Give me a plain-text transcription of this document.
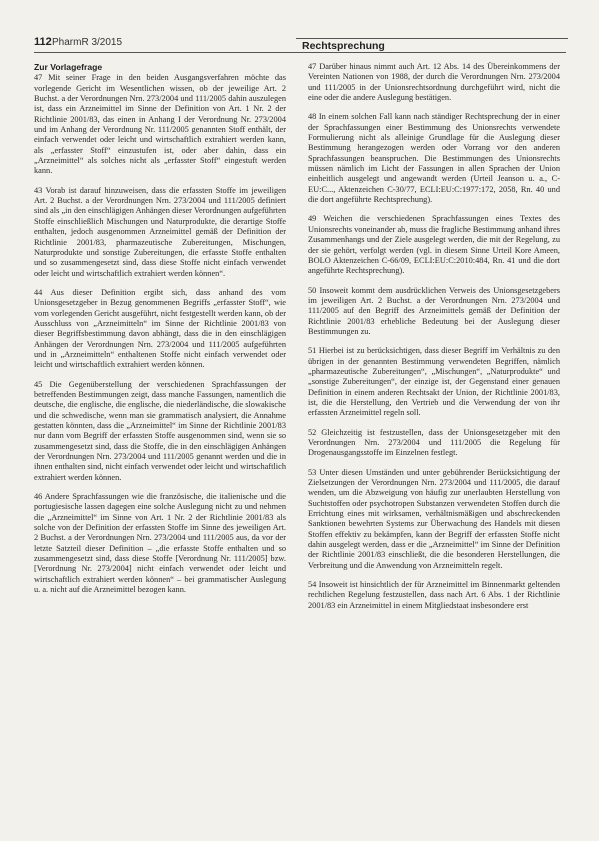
112 PharmR 3/2015	Rechtsprechung
Zur Vorlagefrage

47 Mit seiner Frage in den beiden Ausgangsverfahren möchte das vorlegende Gericht im Wesentlichen wissen, ob der jeweilige Art. 2 Buchst. a der Verordnungen Nrn. 273/2004 und 111/2005 dahin auszulegen ist, dass ein Arzneimittel im Sinne der Definition von Art. 1 Nr. 2 der Richtlinie 2001/83, das einen in Anhang I der Verordnung Nr. 273/2004 und im Anhang der Verordnung Nr. 111/2005 genannten Stoff enthält, der einfach verwendet oder leicht und wirtschaftlich extrahiert werden kann, als „erfasster Stoff“ einzustufen ist, oder aber dahin, dass ein „Arzneimittel“ als solches nicht als „erfasster Stoff“ eingestuft werden kann.

43 Vorab ist darauf hinzuweisen, dass die erfassten Stoffe im jeweiligen Art. 2 Buchst. a der Verordnungen Nrn. 273/2004 und 111/2005 definiert sind als „in den einschlägigen Anhängen dieser Verordnungen aufgeführten Stoffe einschließlich Mischungen und Naturprodukte, die derartige Stoffe enthalten, jedoch ausgenommen Arzneimittel gemäß der Definition der Richtlinie 2001/83, pharmazeutische Zubereitungen, Mischungen, Naturprodukte und sonstige Zubereitungen, die erfasste Stoffe enthalten und so zusammengesetzt sind, dass diese Stoffe nicht einfach verwendet oder leicht und wirtschaftlich extrahiert werden können“.

44 Aus dieser Definition ergibt sich, dass anhand des vom Unionsgesetzgeber in Bezug genommenen Begriffs „erfasster Stoff“, wie vom vorlegenden Gericht ausgeführt, nicht festgestellt werden kann, ob der Ausschluss von „Arzneimitteln“ im Sinne der Richtlinie 2001/83 von dieser Begriffsbestimmung davon abhängt, dass die in den einschlägigen Anhängen der Verordnungen Nrn. 273/2004 und 111/2005 aufgeführten und in „Arzneimitteln“ enthaltenen Stoffe nicht einfach verwendet oder leicht und wirtschaftlich extrahiert werden können.

45 Die Gegenüberstellung der verschiedenen Sprachfassungen der betreffenden Bestimmungen zeigt, dass manche Fassungen, namentlich die deutsche, die englische, die englische, die niederländische, die slowakische und die schwedische, wenn man sie grammatisch analysiert, die Annahme gestatten könnten, dass die „Arzneimittel“ im Sinne der Richtlinie 2001/83 nur dann vom Begriff der erfassten Stoffe ausgenommen sind, wenn sie so zusammengesetzt sind, dass die Stoffe, die in den einschlägigen Anhängen der Verordnungen Nrn. 273/2004 und 111/2005 genannt werden und die in ihnen enthalten sind, nicht einfach verwendet oder leicht und wirtschaftlich extrahiert werden können.

46 Andere Sprachfassungen wie die französische, die italienische und die portugiesische lassen dagegen eine solche Auslegung nicht zu und nehmen die „Arzneimittel“ im Sinne von Art. 1 Nr. 2 der Richtlinie 2001/83 als solche von der Definition der erfassten Stoffe im Sinne des jeweiligen Art. 2 Buchst. a der Verordnungen Nrn. 273/2004 und 111/2005 aus, da vor der letzte Satzteil dieser Definition – „die erfasste Stoffe enthalten und so zusammengesetzt sind, dass diese Stoffe [Verordnung Nr. 111/2005] bzw. [Verordnung Nr. 273/2004] nicht einfach verwendet oder leicht und wirtschaftlich extrahiert werden können“ – bei grammatischer Auslegung u. a. nicht auf die Arzneimittel bezogen kann.

47 Darüber hinaus nimmt auch Art. 12 Abs. 14 des Übereinkommens der Vereinten Nationen von 1988, der durch die Verordnungen Nrn. 273/2004 und 111/2005 in der Unionsrechtsordnung durchgeführt wird, nicht die eine oder die andere Auslegung bestätigen.

48 In einem solchen Fall kann nach ständiger Rechtsprechung der in einer der Sprachfassungen einer Bestimmung des Unionsrechts verwendete Formulierung nicht als alleinige Grundlage für die Auslegung dieser Bestimmung herangezogen werden oder Vorrang vor den anderen Sprachfassungen beanspruchen. Die Bestimmungen des Unionsrechts müssen nämlich im Licht der Fassungen in allen Sprachen der Union einheitlich ausgelegt und angewandt werden (Urteil Jeanson u. a., C-EU:C..., Aktenzeichen C-30/77, ECLI:EU:C:1977:172, 2058, Rn. 40 und die dort angeführte Rechtsprechung).

49 Weichen die verschiedenen Sprachfassungen eines Textes des Unionsrechts voneinander ab, muss die fragliche Bestimmung anhand ihres Zusammenhangs und der Ziele ausgelegt werden, die mit der Regelung, zu der sie gehört, verfolgt werden (vgl. in diesem Sinne Urteil Kore Ameen, BOLO Aktenzeichen C-66/09, ECLI:EU:C:2010:484, Rn. 41 und die dort angeführte Rechtsprechung).

50 Insoweit kommt dem ausdrücklichen Verweis des Unionsgesetzgebers im jeweiligen Art. 2 Buchst. a der Verordnungen Nrn. 273/2004 und 111/2005 auf den Begriff des Arzneimittels gemäß der Definition der Richtlinie 2001/83 erhebliche Bedeutung bei der Auslegung dieser Bestimmungen zu.

51 Hierbei ist zu berücksichtigen, dass dieser Begriff im Verhältnis zu den übrigen in der genannten Bestimmung verwendeten Begriffen, nämlich „pharmazeutische Zubereitungen“, „Mischungen“, „Naturprodukte“ und „sonstige Zubereitungen“, der einzige ist, der Gegenstand einer genauen Definition in einem anderen Rechtsakt der Union, der Richtlinie 2001/83, ist, die die Herstellung, den Vertrieb und die Verwendung der von ihr erfassten Arzneimittel regeln soll.

52 Gleichzeitig ist festzustellen, dass der Unionsgesetzgeber mit den Verordnungen Nrn. 273/2004 und 111/2005 die Regelung für Drogenausgangsstoffe im Einzelnen festlegt.

53 Unter diesen Umständen und unter gebührender Berücksichtigung der Zielsetzungen der Verordnungen Nrn. 273/2004 und 111/2005, die darauf wenden, um die Abzweigung von häufig zur unerlaubten Herstellung von Suchtstoffen oder psychotropen Substanzen verwendeten Stoffen durch die Errichtung eines mit wirksamen, verhältnismäßigen und abschreckenden Sanktionen bewehrten Systems zur Überwachung des Handels mit diesen Stoffen effektiv zu bekämpfen, kann der Begriff der erfassten Stoffe nicht dahin ausgelegt werden, dass er die „Arzneimittel“ im Sinne der Definition der Richtlinie 2001/83 einschließt, die die besonderen Herstellungen, die Verbreitung und die Anwendung von Arzneimitteln regelt.

54 Insoweit ist hinsichtlich der für Arzneimittel im Binnenmarkt geltenden rechtlichen Regelung festzustellen, dass nach Art. 6 Abs. 1 der Richtlinie 2001/83 ein Arzneimittel in einem Mitgliedstaat insbesondere erst
